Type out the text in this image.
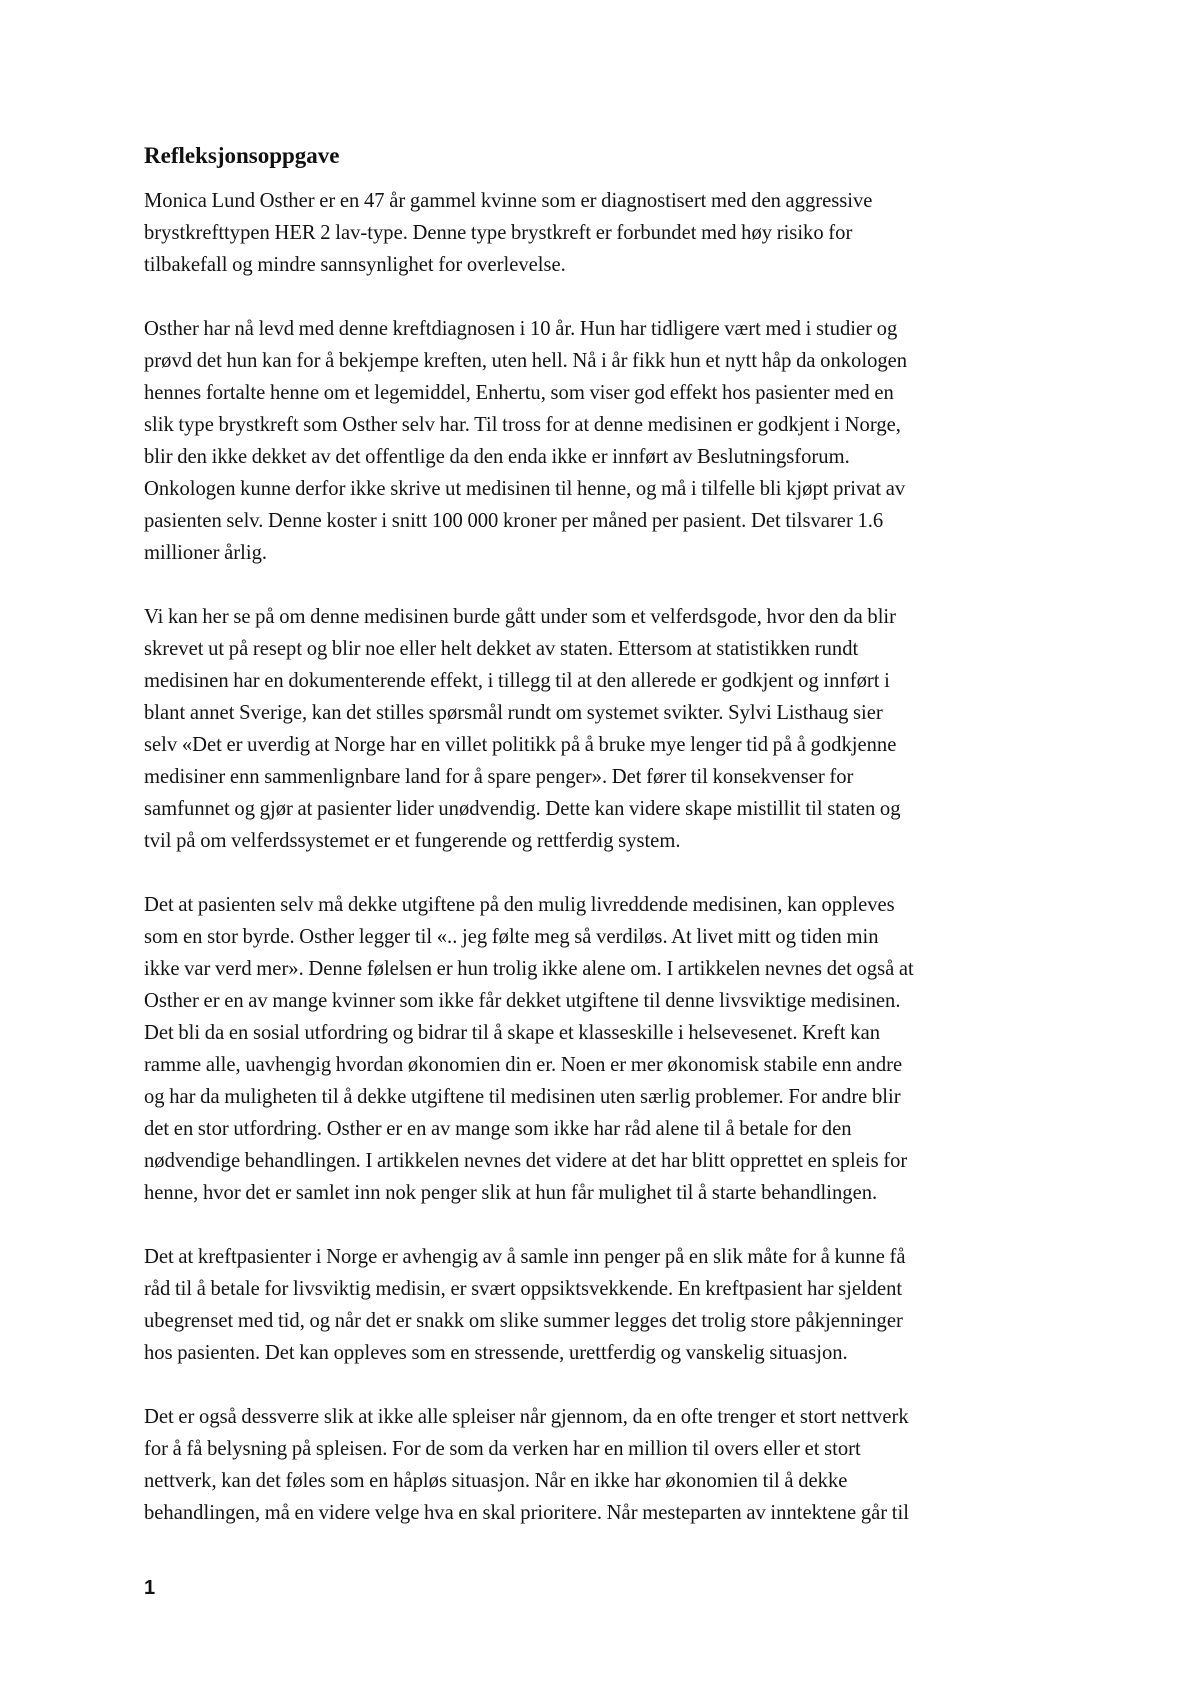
Refleksjonsoppgave

Monica Lund Osther er en 47 år gammel kvinne som er diagnostisert med den aggressive
brystkrefttypen HER 2 lav-type. Denne type brystkreft er forbundet med høy risiko for
tilbakefall og mindre sannsynlighet for overlevelse.

Osther har nå levd med denne kreftdiagnosen i 10 år. Hun har tidligere vært med i studier og
prøvd det hun kan for å bekjempe kreften, uten hell. Nå i år fikk hun et nytt håp da onkologen
hennes fortalte henne om et legemiddel, Enhertu, som viser god effekt hos pasienter med en
slik type brystkreft som Osther selv har. Til tross for at denne medisinen er godkjent i Norge,
blir den ikke dekket av det offentlige da den enda ikke er innført av Beslutningsforum.
Onkologen kunne derfor ikke skrive ut medisinen til henne, og må i tilfelle bli kjøpt privat av
pasienten selv. Denne koster i snitt 100 000 kroner per måned per pasient. Det tilsvarer 1.6
millioner årlig.

Vi kan her se på om denne medisinen burde gått under som et velferdsgode, hvor den da blir
skrevet ut på resept og blir noe eller helt dekket av staten. Ettersom at statistikken rundt
medisinen har en dokumenterende effekt, i tillegg til at den allerede er godkjent og innført i
blant annet Sverige, kan det stilles spørsmål rundt om systemet svikter. Sylvi Listhaug sier
selv «Det er uverdig at Norge har en villet politikk på å bruke mye lenger tid på å godkjenne
medisiner enn sammenlignbare land for å spare penger». Det fører til konsekvenser for
samfunnet og gjør at pasienter lider unødvendig. Dette kan videre skape mistillit til staten og
tvil på om velferdssystemet er et fungerende og rettferdig system.

Det at pasienten selv må dekke utgiftene på den mulig livreddende medisinen, kan oppleves
som en stor byrde. Osther legger til «.. jeg følte meg så verdiløs. At livet mitt og tiden min
ikke var verd mer». Denne følelsen er hun trolig ikke alene om. I artikkelen nevnes det også at
Osther er en av mange kvinner som ikke får dekket utgiftene til denne livsviktige medisinen.
Det bli da en sosial utfordring og bidrar til å skape et klasseskille i helsevesenet. Kreft kan
ramme alle, uavhengig hvordan økonomien din er. Noen er mer økonomisk stabile enn andre
og har da muligheten til å dekke utgiftene til medisinen uten særlig problemer. For andre blir
det en stor utfordring. Osther er en av mange som ikke har råd alene til å betale for den
nødvendige behandlingen. I artikkelen nevnes det videre at det har blitt opprettet en spleis for
henne, hvor det er samlet inn nok penger slik at hun får mulighet til å starte behandlingen.

Det at kreftpasienter i Norge er avhengig av å samle inn penger på en slik måte for å kunne få
råd til å betale for livsviktig medisin, er svært oppsiktsvekkende. En kreftpasient har sjeldent
ubegrenset med tid, og når det er snakk om slike summer legges det trolig store påkjenninger
hos pasienten. Det kan oppleves som en stressende, urettferdig og vanskelig situasjon.

Det er også dessverre slik at ikke alle spleiser når gjennom, da en ofte trenger et stort nettverk
for å få belysning på spleisen. For de som da verken har en million til overs eller et stort
nettverk, kan det føles som en håpløs situasjon. Når en ikke har økonomien til å dekke
behandlingen, må en videre velge hva en skal prioritere. Når mesteparten av inntektene går til

1
